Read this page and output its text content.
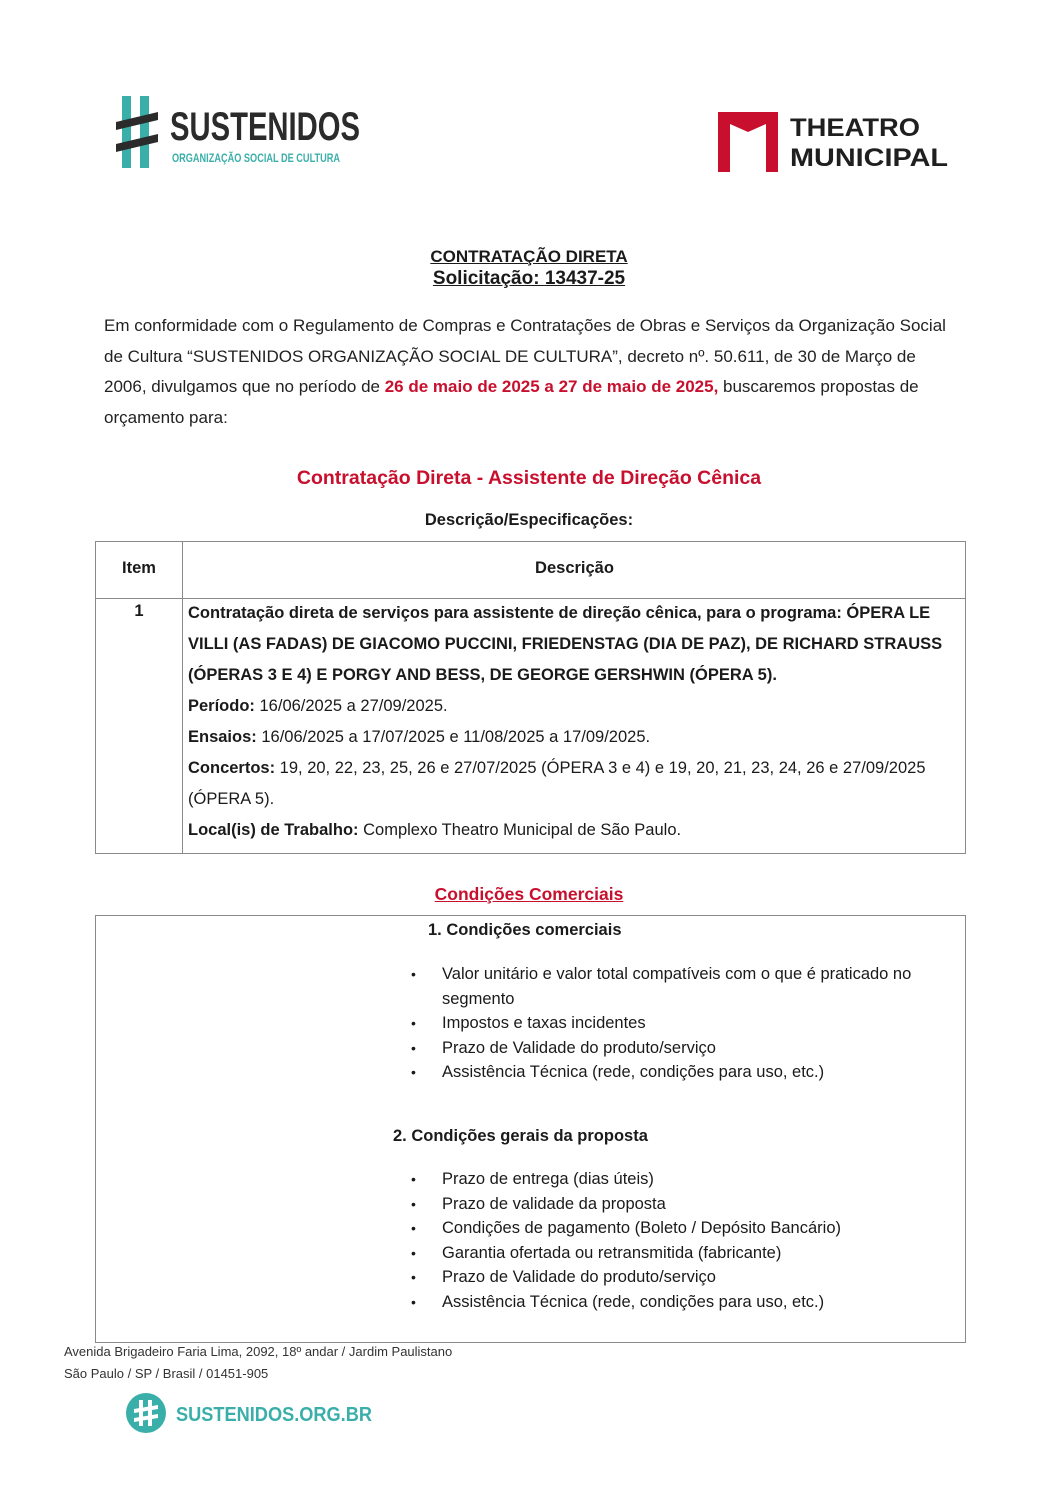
SUSTENIDOS
ORGANIZAÇÃO SOCIAL DE CULTURA
THEATRO
MUNICIPAL
CONTRATAÇÃO DIRETA
Solicitação: 13437-25
Em conformidade com o Regulamento de Compras e Contratações de Obras e Serviços da Organização Social de Cultura “SUSTENIDOS ORGANIZAÇÃO SOCIAL DE CULTURA”, decreto nº. 50.611, de 30 de Março de 2006, divulgamos que no período de 26 de maio de 2025 a 27 de maio de 2025, buscaremos propostas de orçamento para:
Contratação Direta - Assistente de Direção Cênica
Descrição/Especificações:
Item	Descrição
1	Contratação direta de serviços para assistente de direção cênica, para o programa: ÓPERA LE VILLI (AS FADAS) DE GIACOMO PUCCINI, FRIEDENSTAG (DIA DE PAZ), DE RICHARD STRAUSS (ÓPERAS 3 E 4) E PORGY AND BESS, DE GEORGE GERSHWIN (ÓPERA 5).
Período: 16/06/2025 a 27/09/2025.
Ensaios: 16/06/2025 a 17/07/2025 e 11/08/2025 a 17/09/2025.
Concertos: 19, 20, 22, 23, 25, 26 e 27/07/2025 (ÓPERA 3 e 4) e 19, 20, 21, 23, 24, 26 e 27/09/2025 (ÓPERA 5).
Local(is) de Trabalho: Complexo Theatro Municipal de São Paulo.
Condições Comerciais
1. Condições comerciais
• Valor unitário e valor total compatíveis com o que é praticado no segmento
• Impostos e taxas incidentes
• Prazo de Validade do produto/serviço
• Assistência Técnica (rede, condições para uso, etc.)
2. Condições gerais da proposta
• Prazo de entrega (dias úteis)
• Prazo de validade da proposta
• Condições de pagamento (Boleto / Depósito Bancário)
• Garantia ofertada ou retransmitida (fabricante)
• Prazo de Validade do produto/serviço
• Assistência Técnica (rede, condições para uso, etc.)
Avenida Brigadeiro Faria Lima, 2092, 18º andar / Jardim Paulistano
São Paulo / SP / Brasil / 01451-905
SUSTENIDOS.ORG.BR
